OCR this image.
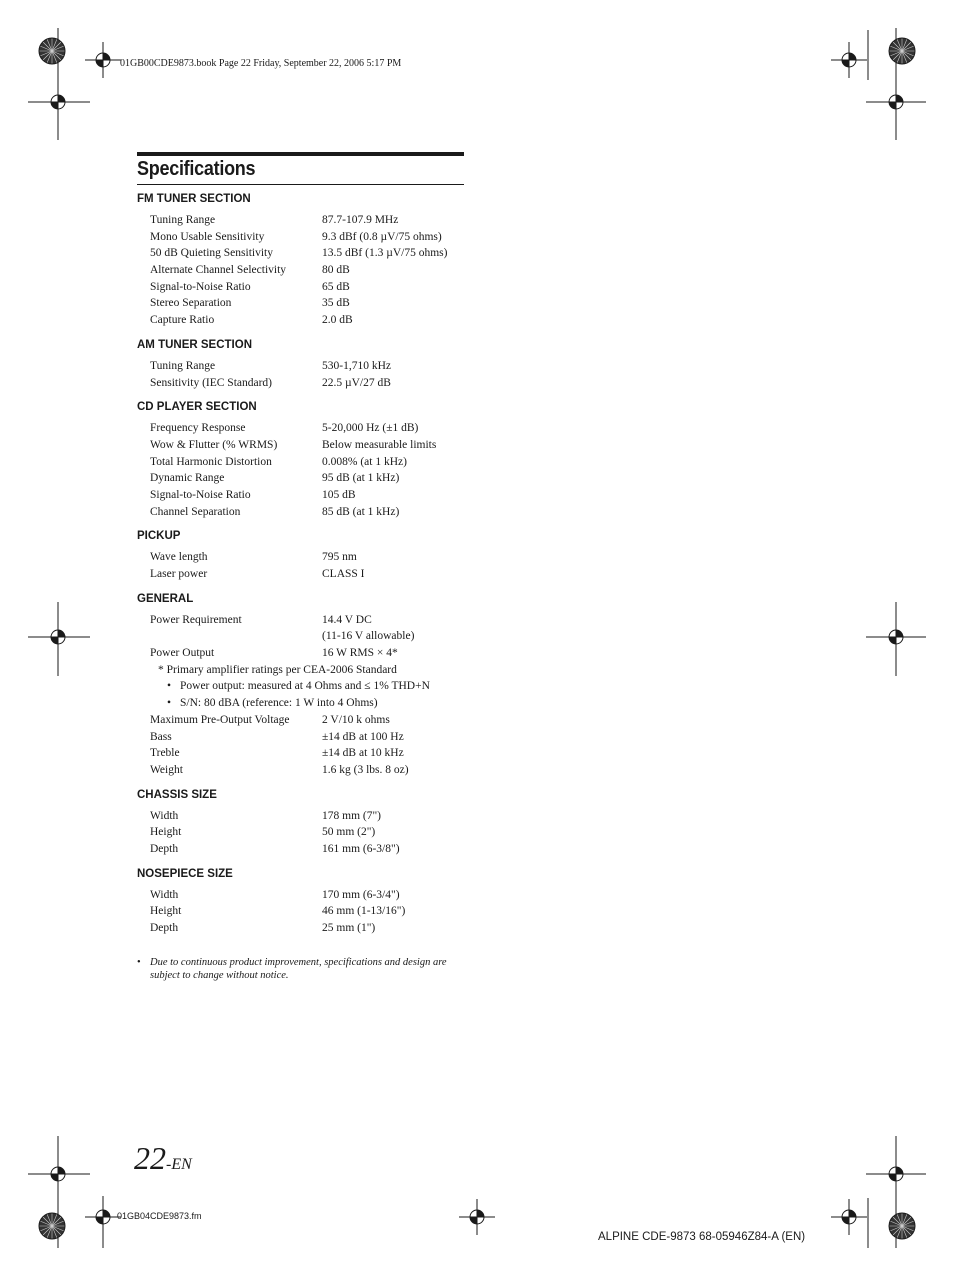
01GB00CDE9873.book Page 22 Friday, September 22, 2006 5:17 PM
Specifications
FM TUNER SECTION
Tuning Range	87.7-107.9 MHz
Mono Usable Sensitivity	9.3 dBf (0.8 µV/75 ohms)
50 dB Quieting Sensitivity	13.5 dBf (1.3 µV/75 ohms)
Alternate Channel Selectivity	80 dB
Signal-to-Noise Ratio	65 dB
Stereo Separation	35 dB
Capture Ratio	2.0 dB
AM TUNER SECTION
Tuning Range	530-1,710 kHz
Sensitivity (IEC Standard)	22.5 µV/27 dB
CD PLAYER SECTION
Frequency Response	5-20,000 Hz (±1 dB)
Wow & Flutter (% WRMS)	Below measurable limits
Total Harmonic Distortion	0.008% (at 1 kHz)
Dynamic Range	95 dB (at 1 kHz)
Signal-to-Noise Ratio	105 dB
Channel Separation	85 dB (at 1 kHz)
PICKUP
Wave length	795 nm
Laser power	CLASS I
GENERAL
Power Requirement	14.4 V DC
(11-16 V allowable)
Power Output	16 W RMS × 4*
* Primary amplifier ratings per CEA-2006 Standard
• Power output: measured at 4 Ohms and ≤ 1% THD+N
• S/N: 80 dBA (reference: 1 W into 4 Ohms)
Maximum Pre-Output Voltage	2 V/10 k ohms
Bass	±14 dB at 100 Hz
Treble	±14 dB at 10 kHz
Weight	1.6 kg (3 lbs. 8 oz)
CHASSIS SIZE
Width	178 mm (7")
Height	50 mm (2")
Depth	161 mm (6-3/8")
NOSEPIECE SIZE
Width	170 mm (6-3/4")
Height	46 mm (1-13/16")
Depth	25 mm (1")
• Due to continuous product improvement, specifications and design are subject to change without notice.
22-EN
01GB04CDE9873.fm
ALPINE CDE-9873 68-05946Z84-A (EN)
